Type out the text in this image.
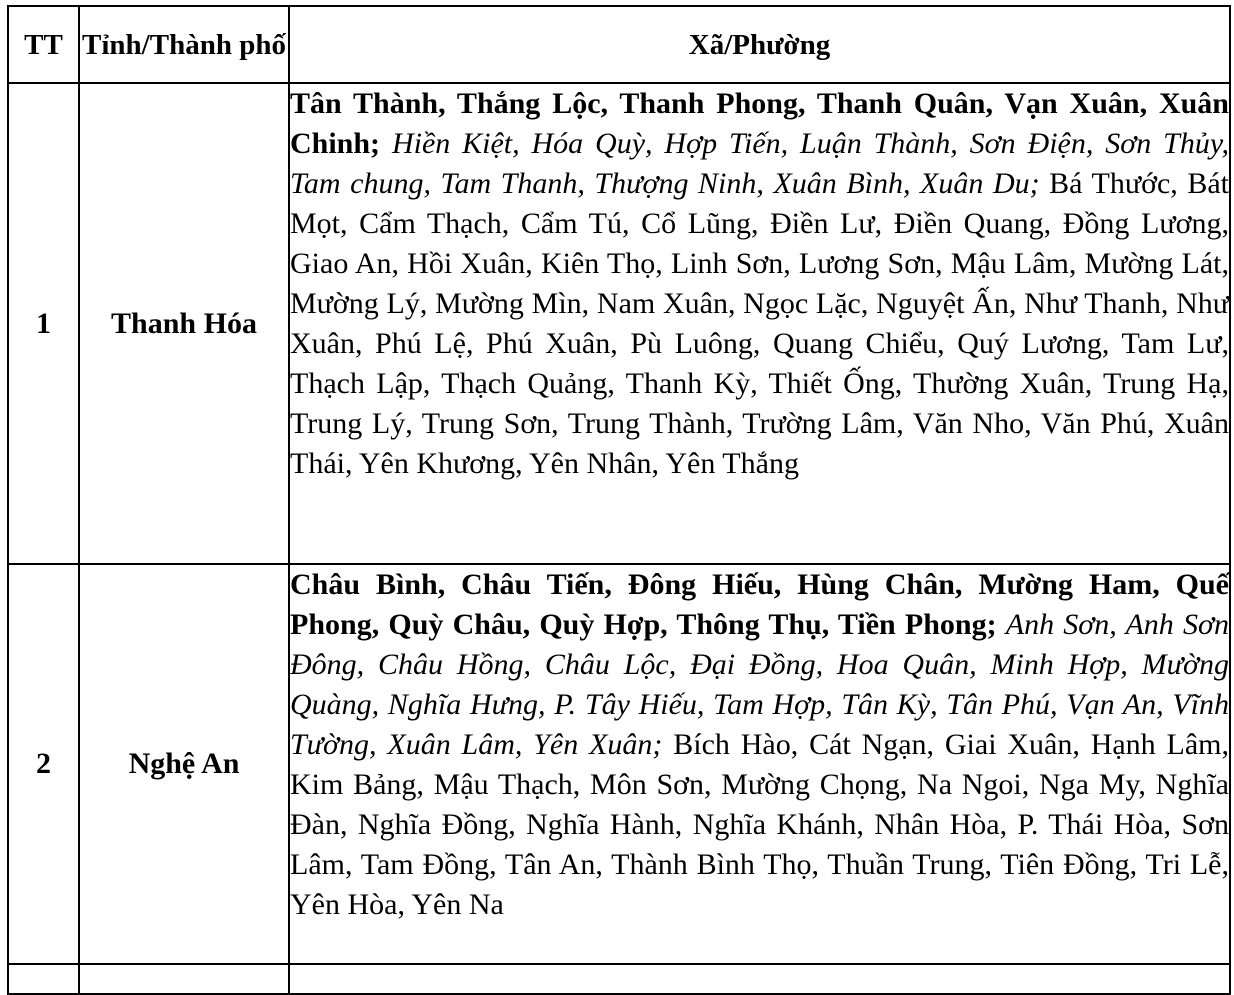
TT	Tỉnh/Thành phố	Xã/Phường
1	Thanh Hóa	Tân Thành, Thắng Lộc, Thanh Phong, Thanh Quân, Vạn Xuân, Xuân Chinh; Hiền Kiệt, Hóa Quỳ, Hợp Tiến, Luận Thành, Sơn Điện, Sơn Thủy, Tam chung, Tam Thanh, Thượng Ninh, Xuân Bình, Xuân Du; Bá Thước, Bát Mọt, Cẩm Thạch, Cẩm Tú, Cổ Lũng, Điền Lư, Điền Quang, Đồng Lương, Giao An, Hồi Xuân, Kiên Thọ, Linh Sơn, Lương Sơn, Mậu Lâm, Mường Lát, Mường Lý, Mường Mìn, Nam Xuân, Ngọc Lặc, Nguyệt Ấn, Như Thanh, Như Xuân, Phú Lệ, Phú Xuân, Pù Luông, Quang Chiểu, Quý Lương, Tam Lư, Thạch Lập, Thạch Quảng, Thanh Kỳ, Thiết Ống, Thường Xuân, Trung Hạ, Trung Lý, Trung Sơn, Trung Thành, Trường Lâm, Văn Nho, Văn Phú, Xuân Thái, Yên Khương, Yên Nhân, Yên Thắng
2	Nghệ An	Châu Bình, Châu Tiến, Đông Hiếu, Hùng Chân, Mường Ham, Quế Phong, Quỳ Châu, Quỳ Hợp, Thông Thụ, Tiền Phong; Anh Sơn, Anh Sơn Đông, Châu Hồng, Châu Lộc, Đại Đồng, Hoa Quân, Minh Hợp, Mường Quàng, Nghĩa Hưng, P. Tây Hiếu, Tam Hợp, Tân Kỳ, Tân Phú, Vạn An, Vĩnh Tường, Xuân Lâm, Yên Xuân; Bích Hào, Cát Ngạn, Giai Xuân, Hạnh Lâm, Kim Bảng, Mậu Thạch, Môn Sơn, Mường Chọng, Na Ngoi, Nga My, Nghĩa Đàn, Nghĩa Đồng, Nghĩa Hành, Nghĩa Khánh, Nhân Hòa, P. Thái Hòa, Sơn Lâm, Tam Đồng, Tân An, Thành Bình Thọ, Thuần Trung, Tiên Đồng, Tri Lễ, Yên Hòa, Yên Na
